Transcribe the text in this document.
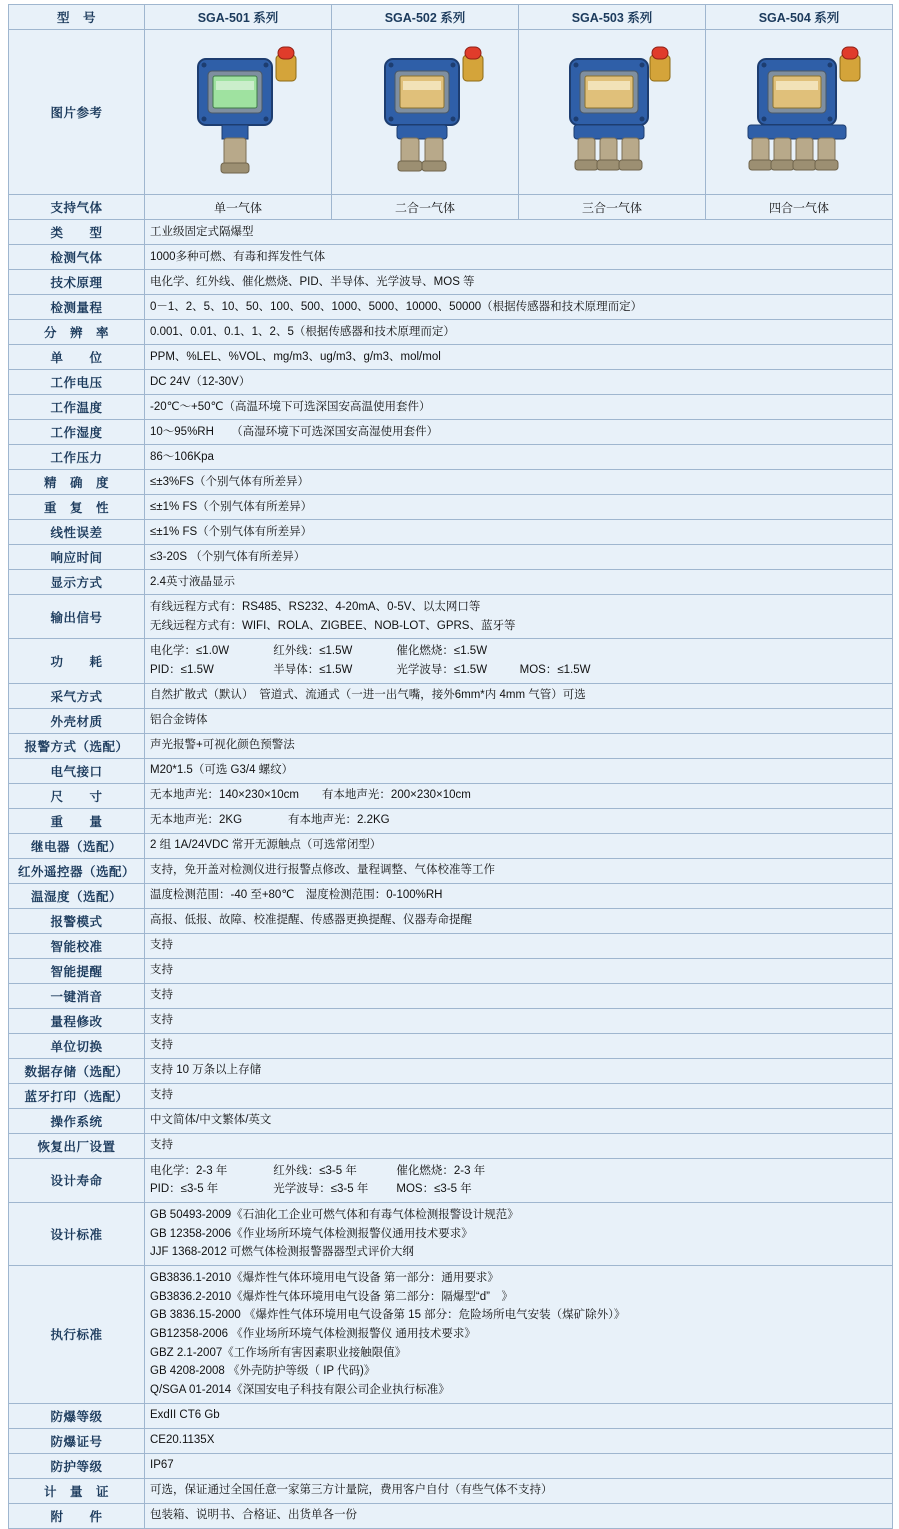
型　号	SGA-501 系列	SGA-502 系列	SGA-503 系列	SGA-504 系列
图片参考	

支持气体	单一气体	二合一气体	三合一气体	四合一气体
类　　型	工业级固定式隔爆型			
检测气体	1000多种可燃、有毒和挥发性气体			
技术原理	电化学、红外线、催化燃烧、PID、半导体、光学波导、MOS 等			
检测量程	0－1、2、5、10、50、100、500、1000、5000、10000、50000（根据传感器和技术原理而定）			
分　辨　率	0.001、0.01、0.1、1、2、5（根据传感器和技术原理而定）			
单　　位	PPM、%LEL、%VOL、mg/m3、ug/m3、g/m3、mol/mol			
工作电压	DC 24V（12-30V）			
工作温度	-20℃～+50℃（高温环境下可选深国安高温使用套件）			
工作湿度	10～95%RH　　（高湿环境下可选深国安高湿使用套件）			
工作压力	86～106Kpa			
精　确　度	≤±3%FS（个别气体有所差异）			
重　复　性	≤±1% FS（个别气体有所差异）			
线性误差	≤±1% FS（个别气体有所差异）			
响应时间	≤3-20S （个别气体有所差异）			
显示方式	2.4英寸液晶显示			
输出信号	有线远程方式有：RS485、RS232、4-20mA、0-5V、以太网口等
无线远程方式有：WIFI、ROLA、ZIGBEE、NOB-LOT、GPRS、蓝牙等			

功　　耗	电化学：≤1.0W 红外线：≤1.5W 催化燃烧：≤1.5W
PID：≤1.5W 半导体：≤1.5W 光学波导：≤1.5W MOS：≤1.5W			

采气方式	自然扩散式（默认）　管道式、流通式（一进一出气嘴，接外6mm*内 4mm 气管）可选			
外壳材质	铝合金铸体			
报警方式（选配）	声光报警+可视化颜色预警法			
电气接口	M20*1.5（可选 G3/4 螺纹）			
尺　　寸	无本地声光：140×230×10cm　　有本地声光：200×230×10cm			
重　　量	无本地声光：2KG　　　　有本地声光：2.2KG			
继电器（选配）	2 组 1A/24VDC 常开无源触点（可选常闭型）			
红外遥控器（选配）	支持，免开盖对检测仪进行报警点修改、量程调整、气体校准等工作			
温湿度（选配）	温度检测范围：-40 至+80℃　湿度检测范围：0-100%RH			
报警模式	高报、低报、故障、校准提醒、传感器更换提醒、仪器寿命提醒			
智能校准	支持			
智能提醒	支持			
一键消音	支持			
量程修改	支持			
单位切换	支持			
数据存储（选配）	支持 10 万条以上存储			
蓝牙打印（选配）	支持			
操作系统	中文简体/中文繁体/英文			
恢复出厂设置	支持			
设计寿命	电化学：2-3 年 红外线：≤3-5 年 催化燃烧：2-3 年
PID：≤3-5 年 光学波导：≤3-5 年 MOS：≤3-5 年			

设计标准	GB 50493-2009《石油化工企业可燃气体和有毒气体检测报警设计规范》
GB 12358-2006《作业场所环境气体检测报警仪通用技术要求》
JJF 1368-2012 可燃气体检测报警器器型式评价大纲			

执行标准	
GB3836.1-2010《爆炸性气体环境用电气设备 第一部分：通用要求》
GB3836.2-2010《爆炸性气体环境用电气设备 第二部分：隔爆型“d”　》
GB 3836.15-2000 《爆炸性气体环境用电气设备第 15 部分：危险场所电气安装（煤矿除外）》
GB12358-2006 《作业场所环境气体检测报警仪 通用技术要求》
GBZ 2.1-2007《工作场所有害因素职业接触限值》
GB 4208-2008 《外壳防护等级（ IP 代码)》
Q/SGA 01-2014《深国安电子科技有限公司企业执行标准》

防爆等级	ExdII CT6 Gb			
防爆证号	CE20.1135X			
防护等级	IP67			
计　量　证	可选，保证通过全国任意一家第三方计量院，费用客户自付（有些气体不支持）			
附　　件	包装箱、说明书、合格证、出货单各一份			
